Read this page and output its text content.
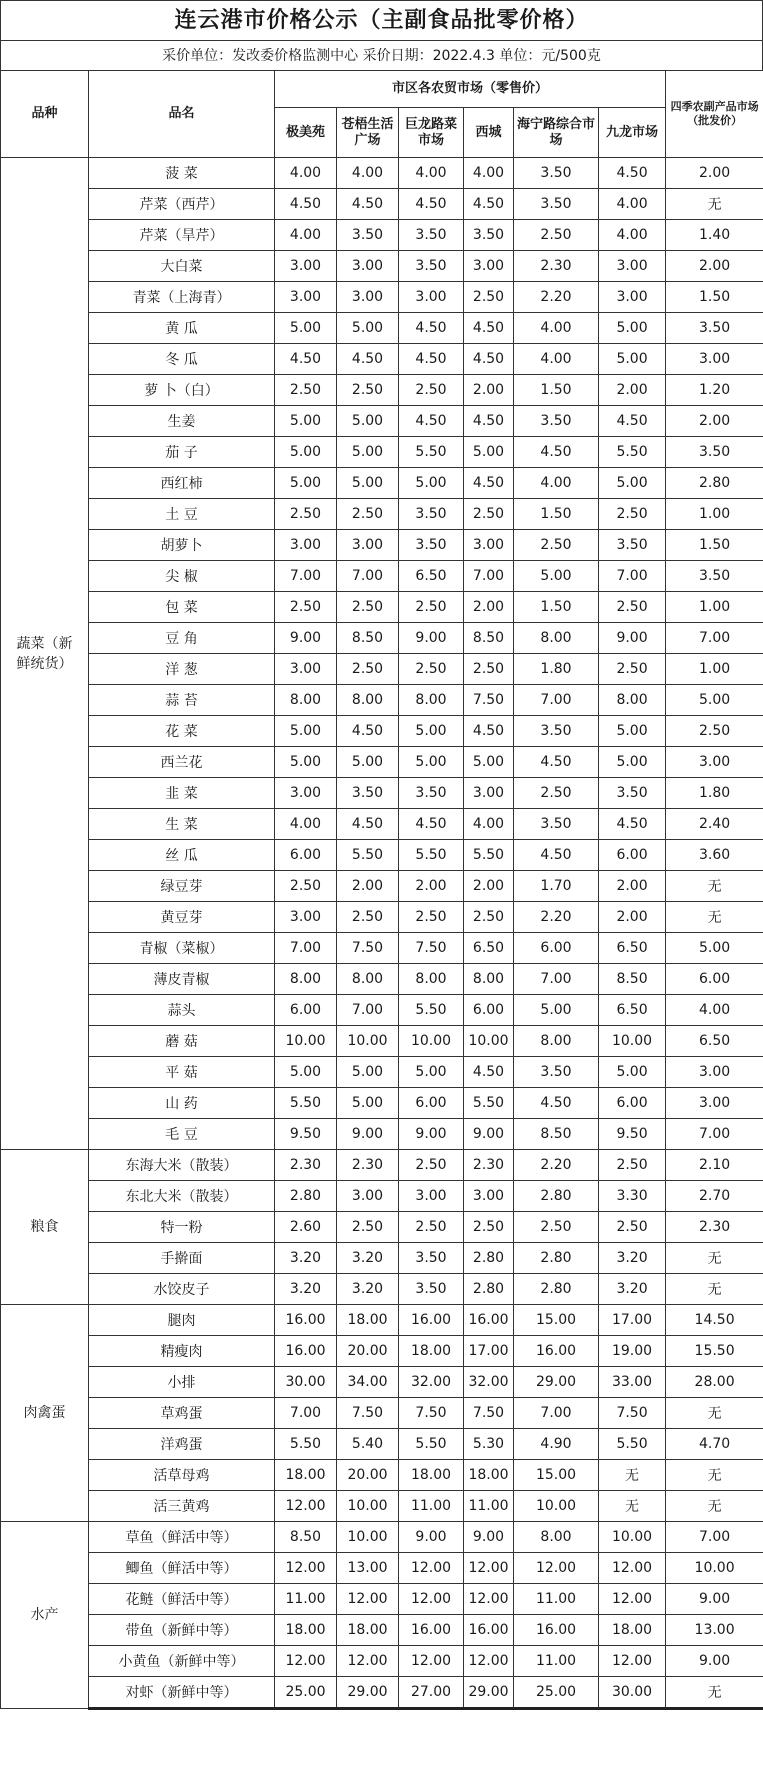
连云港市价格公示（主副食品批零价格）
采价单位：发改委价格监测中心 采价日期：2022.4.3 单位：元/500克
品种	品名	市区各农贸市场（零售价）						四季农副产品市场（批发价）
		极美苑	苍梧生活广场	巨龙路菜市场	西城	海宁路综合市场	九龙市场	
蔬菜（新鲜统货）	菠 菜	4.00	4.00	4.00	4.00	3.50	4.50	2.00
	芹菜（西芹）	4.50	4.50	4.50	4.50	3.50	4.00	无
	芹菜（旱芹）	4.00	3.50	3.50	3.50	2.50	4.00	1.40
	大白菜	3.00	3.00	3.50	3.00	2.30	3.00	2.00
	青菜（上海青）	3.00	3.00	3.00	2.50	2.20	3.00	1.50
	黄 瓜	5.00	5.00	4.50	4.50	4.00	5.00	3.50
	冬 瓜	4.50	4.50	4.50	4.50	4.00	5.00	3.00
	萝 卜（白）	2.50	2.50	2.50	2.00	1.50	2.00	1.20
	生姜	5.00	5.00	4.50	4.50	3.50	4.50	2.00
	茄 子	5.00	5.00	5.50	5.00	4.50	5.50	3.50
	西红柿	5.00	5.00	5.00	4.50	4.00	5.00	2.80
	土 豆	2.50	2.50	3.50	2.50	1.50	2.50	1.00
	胡萝卜	3.00	3.00	3.50	3.00	2.50	3.50	1.50
	尖 椒	7.00	7.00	6.50	7.00	5.00	7.00	3.50
	包 菜	2.50	2.50	2.50	2.00	1.50	2.50	1.00
	豆 角	9.00	8.50	9.00	8.50	8.00	9.00	7.00
	洋 葱	3.00	2.50	2.50	2.50	1.80	2.50	1.00
	蒜 苔	8.00	8.00	8.00	7.50	7.00	8.00	5.00
	花 菜	5.00	4.50	5.00	4.50	3.50	5.00	2.50
	西兰花	5.00	5.00	5.00	5.00	4.50	5.00	3.00
	韭 菜	3.00	3.50	3.50	3.00	2.50	3.50	1.80
	生 菜	4.00	4.50	4.50	4.00	3.50	4.50	2.40
	丝 瓜	6.00	5.50	5.50	5.50	4.50	6.00	3.60
	绿豆芽	2.50	2.00	2.00	2.00	1.70	2.00	无
	黄豆芽	3.00	2.50	2.50	2.50	2.20	2.00	无
	青椒（菜椒）	7.00	7.50	7.50	6.50	6.00	6.50	5.00
	薄皮青椒	8.00	8.00	8.00	8.00	7.00	8.50	6.00
	蒜头	6.00	7.00	5.50	6.00	5.00	6.50	4.00
	蘑 菇	10.00	10.00	10.00	10.00	8.00	10.00	6.50
	平 菇	5.00	5.00	5.00	4.50	3.50	5.00	3.00
	山 药	5.50	5.00	6.00	5.50	4.50	6.00	3.00
	毛 豆	9.50	9.00	9.00	9.00	8.50	9.50	7.00
粮食	东海大米（散装）	2.30	2.30	2.50	2.30	2.20	2.50	2.10
	东北大米（散装）	2.80	3.00	3.00	3.00	2.80	3.30	2.70
	特一粉	2.60	2.50	2.50	2.50	2.50	2.50	2.30
	手擀面	3.20	3.20	3.50	2.80	2.80	3.20	无
	水饺皮子	3.20	3.20	3.50	2.80	2.80	3.20	无
肉禽蛋	腿肉	16.00	18.00	16.00	16.00	15.00	17.00	14.50
	精瘦肉	16.00	20.00	18.00	17.00	16.00	19.00	15.50
	小排	30.00	34.00	32.00	32.00	29.00	33.00	28.00
	草鸡蛋	7.00	7.50	7.50	7.50	7.00	7.50	无
	洋鸡蛋	5.50	5.40	5.50	5.30	4.90	5.50	4.70
	活草母鸡	18.00	20.00	18.00	18.00	15.00	无	无
	活三黄鸡	12.00	10.00	11.00	11.00	10.00	无	无
水产	草鱼（鲜活中等）	8.50	10.00	9.00	9.00	8.00	10.00	7.00
	鲫鱼（鲜活中等）	12.00	13.00	12.00	12.00	12.00	12.00	10.00
	花鲢（鲜活中等）	11.00	12.00	12.00	12.00	11.00	12.00	9.00
	带鱼（新鲜中等）	18.00	18.00	16.00	16.00	16.00	18.00	13.00
	小黄鱼（新鲜中等）	12.00	12.00	12.00	12.00	11.00	12.00	9.00
	对虾（新鲜中等）	25.00	29.00	27.00	29.00	25.00	30.00	无
